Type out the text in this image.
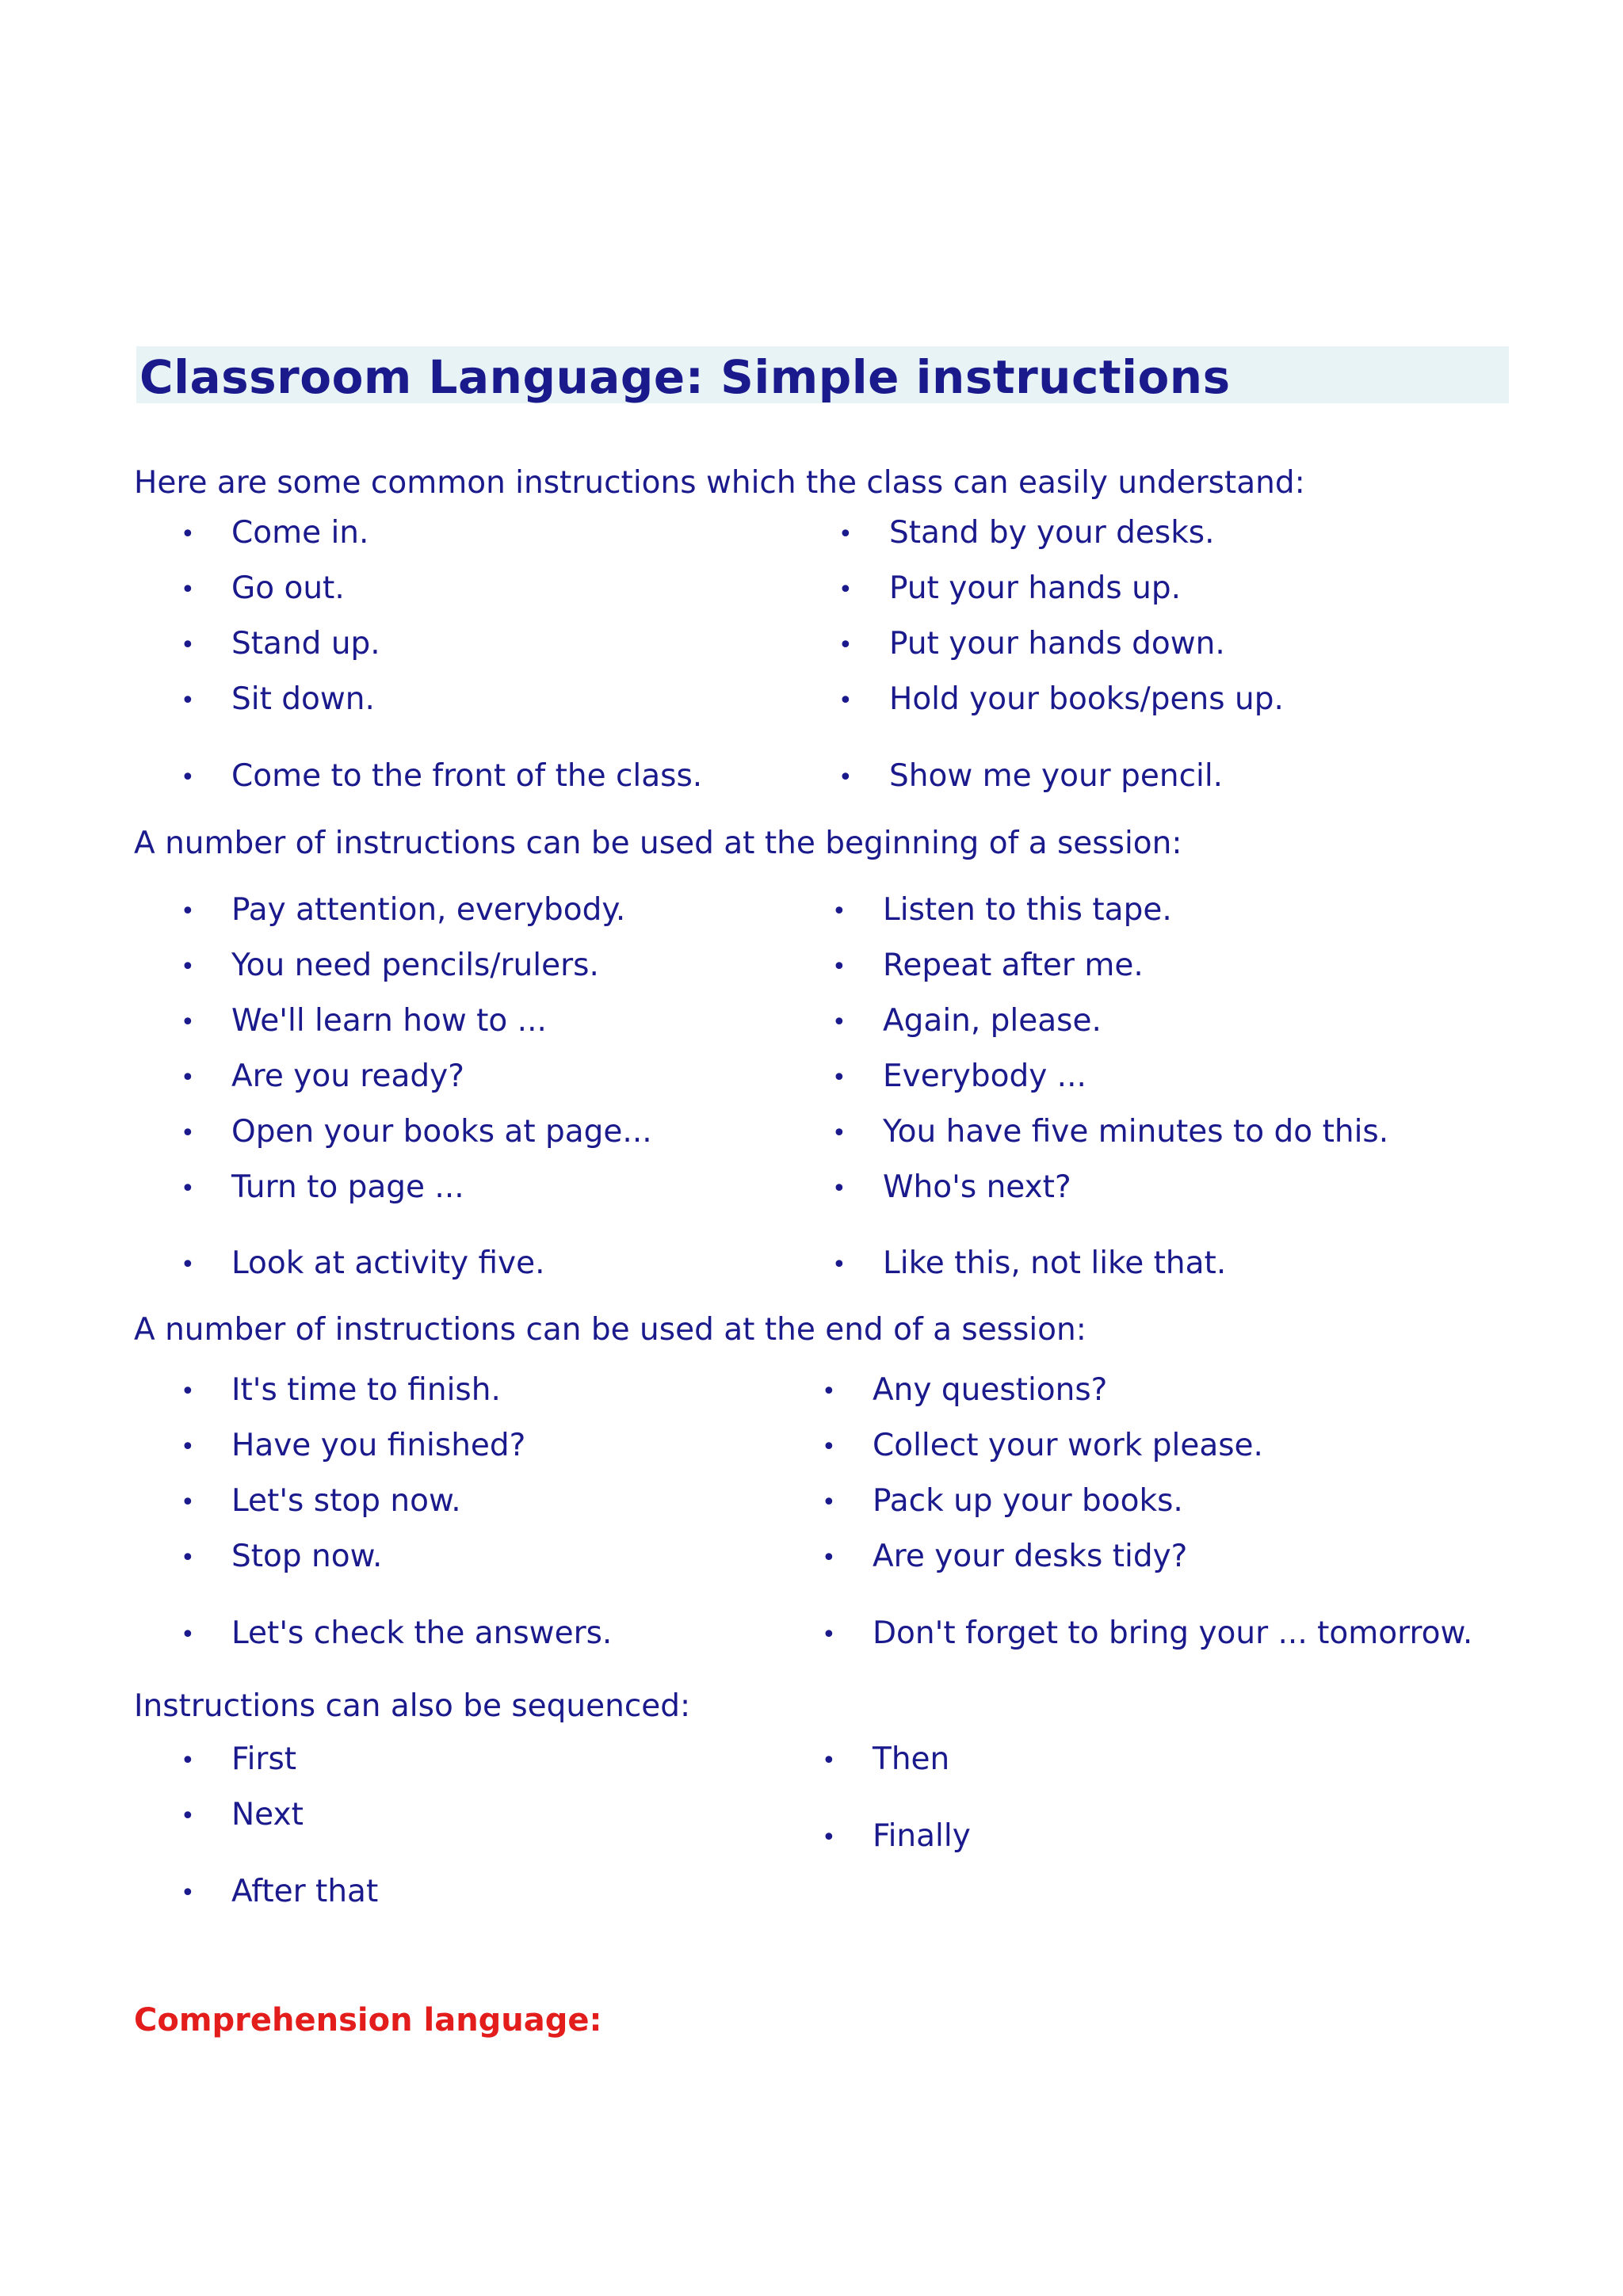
Classroom Language: Simple instructions
Here are some common instructions which the class can easily understand:
• Come in.
• Go out.
• Stand up.
• Sit down.
• Come to the front of the class.
• Stand by your desks.
• Put your hands up.
• Put your hands down.
• Hold your books/pens up.
• Show me your pencil.
A number of instructions can be used at the beginning of a session:
• Pay attention, everybody.
• You need pencils/rulers.
• We'll learn how to ...
• Are you ready?
• Open your books at page...
• Turn to page ...
• Look at activity five.
• Listen to this tape.
• Repeat after me.
• Again, please.
• Everybody ...
• You have five minutes to do this.
• Who's next?
• Like this, not like that.
A number of instructions can be used at the end of a session:
• It's time to finish.
• Have you finished?
• Let's stop now.
• Stop now.
• Let's check the answers.
• Any questions?
• Collect your work please.
• Pack up your books.
• Are your desks tidy?
• Don't forget to bring your ... tomorrow.
Instructions can also be sequenced:
• First
• Next
• After that
• Then
• Finally
Comprehension language:
